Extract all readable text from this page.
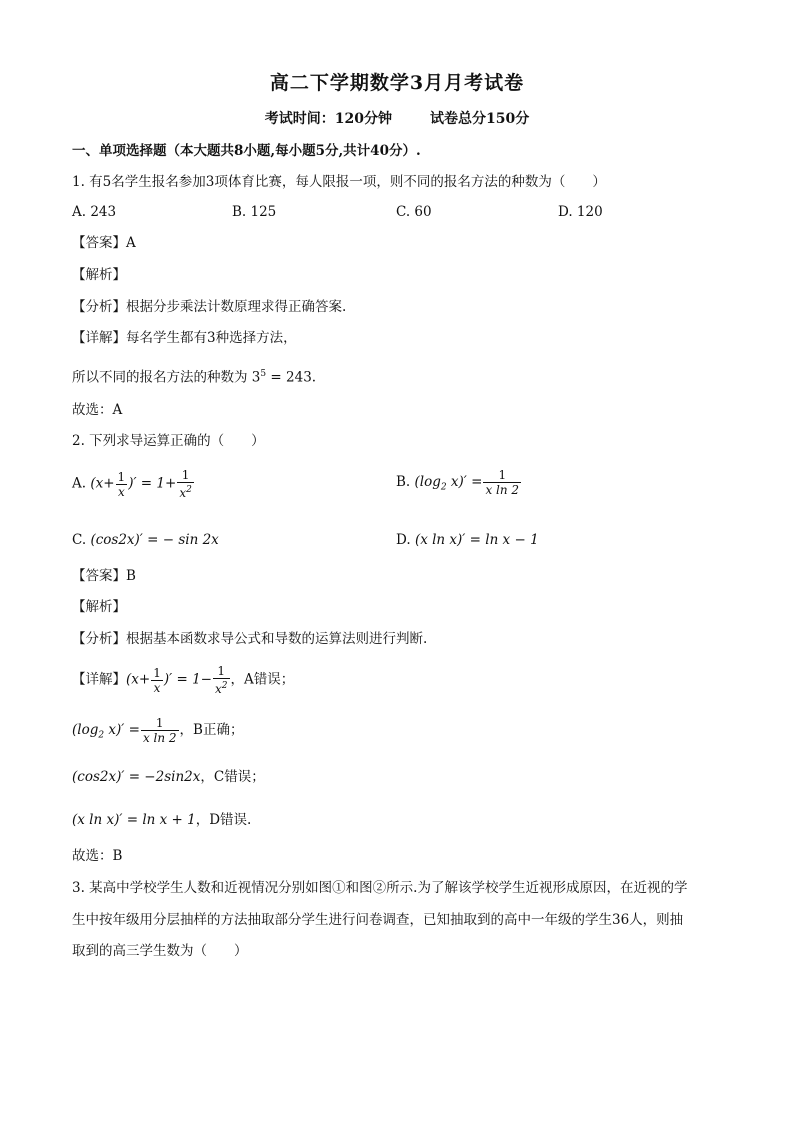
高二下学期数学3月月考试卷
考试时间：120分钟	试卷总分150分
一、单项选择题（本大题共8小题,每小题5分,共计40分）.
1. 有5名学生报名参加3项体育比赛，每人限报一项，则不同的报名方法的种数为（　　）
A. 243	B. 125	C. 60	D. 120
【答案】A
【解析】
【分析】根据分步乘法计数原理求得正确答案.
【详解】每名学生都有3种选择方法，
所以不同的报名方法的种数为 $3^5 = 243$.
故选：A
2. 下列求导运算正确的（　　）
A. ($x+ \frac{1}{x}$ )′ = $1+ \frac{1}{x^2}$	B. ($\log_2$ $x)' = \frac{1}{\text{x ln 2}}$
C. (cos2x)′ = − sin 2x	D. (x ln x)′ = ln x − 1
【答案】B
【解析】
【分析】根据基本函数求导公式和导数的运算法则进行判断.
【详解】($x+ \frac{1}{x}$ )′ = $1- \frac{1}{x^2}$ ，A错误；
($\log_2$ $x)' = \frac{1}{\text{x ln 2}}$ ，B正确；
(cos2x)′ = −2sin2x，C错误；
(x ln x)′ = ln x + 1，D错误.
故选：B
3. 某高中学校学生人数和近视情况分别如图①和图②所示.为了解该学校学生近视形成原因，在近视的学
生中按年级用分层抽样的方法抽取部分学生进行问卷调查，已知抽取到的高中一年级的学生36人，则抽
取到的高三学生数为（　　）
